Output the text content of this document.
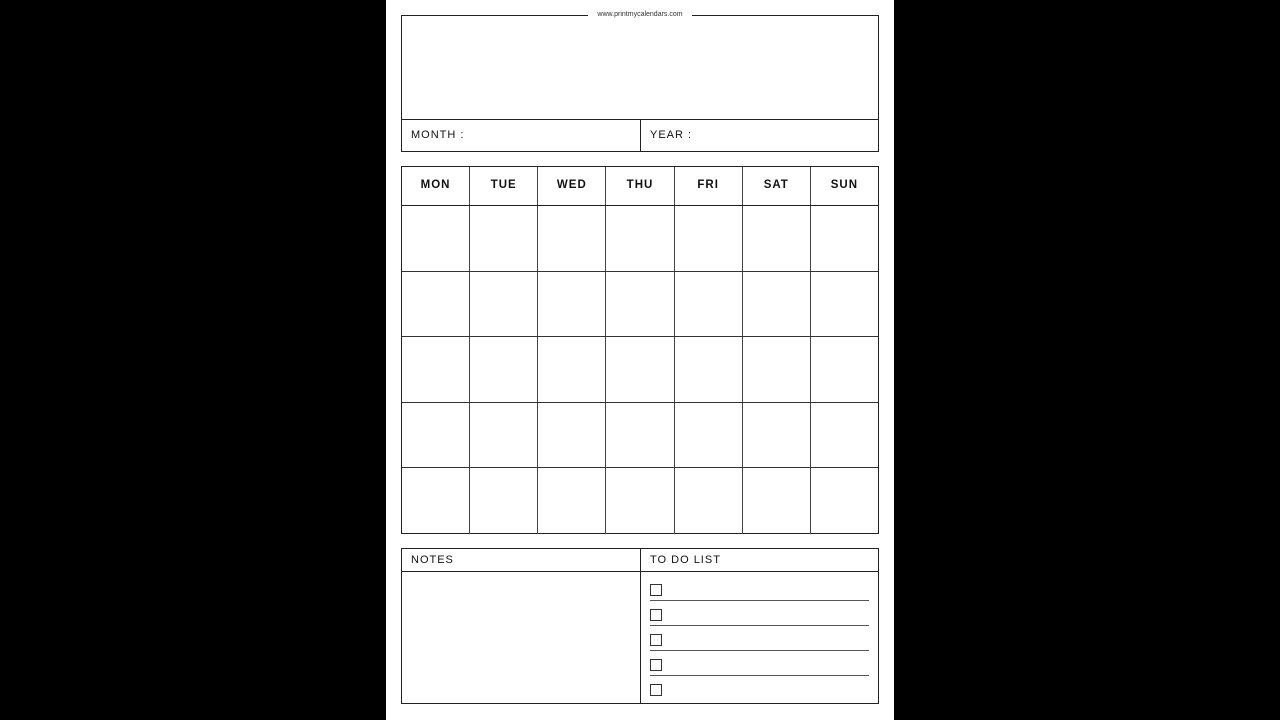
www.printmycalendars.com
MONTH :	YEAR :
MON	TUE	WED	THU	FRI	SAT	SUN
NOTES	TO DO LIST
